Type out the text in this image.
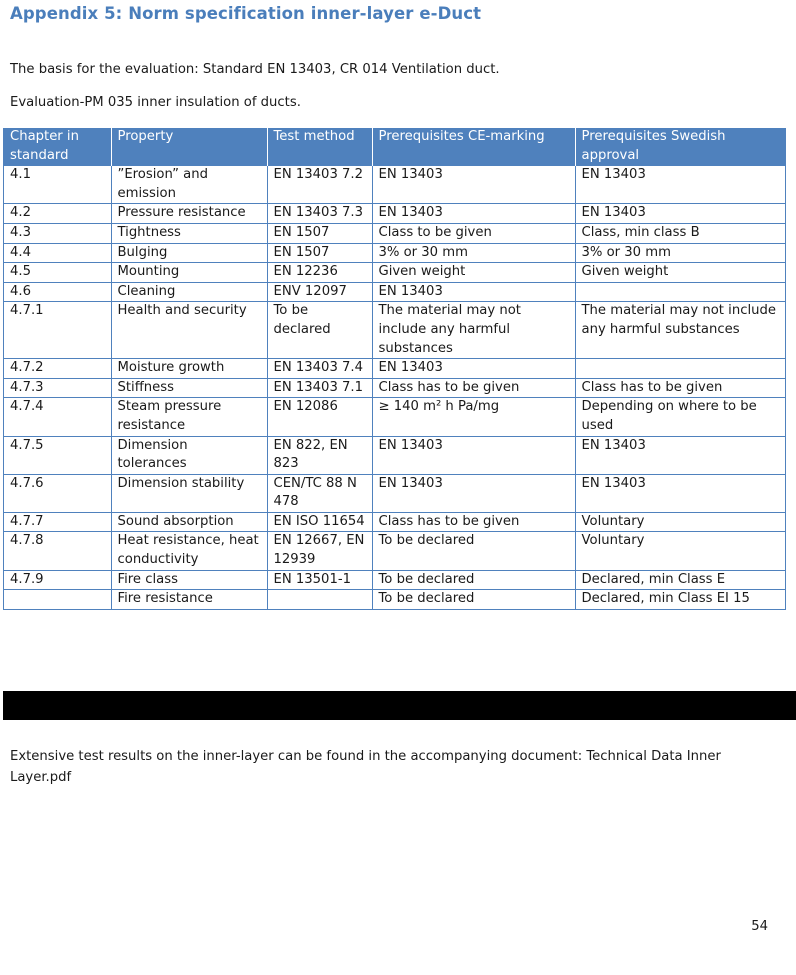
Appendix 5: Norm specification inner-layer e-Duct
The basis for the evaluation: Standard EN 13403, CR 014 Ventilation duct.
Evaluation-PM 035 inner insulation of ducts.
Chapter in standard	Property	Test method	Prerequisites CE-marking	Prerequisites Swedish approval
4.1	”Erosion” and emission	EN 13403 7.2	EN 13403	EN 13403
4.2	Pressure resistance	EN 13403 7.3	EN 13403	EN 13403
4.3	Tightness	EN 1507	Class to be given	Class, min class B
4.4	Bulging	EN 1507	3% or 30 mm	3% or 30 mm
4.5	Mounting	EN 12236	Given weight	Given weight
4.6	Cleaning	ENV 12097	EN 13403	
4.7.1	Health and security	To be declared	The material may not include any harmful substances	The material may not include any harmful substances
4.7.2	Moisture growth	EN 13403 7.4	EN 13403	
4.7.3	Stiffness	EN 13403 7.1	Class has to be given	Class has to be given
4.7.4	Steam pressure resistance	EN 12086	≥ 140 m² h Pa/mg	Depending on where to be used
4.7.5	Dimension tolerances	EN 822, EN 823	EN 13403	EN 13403
4.7.6	Dimension stability	CEN/TC 88 N 478	EN 13403	EN 13403
4.7.7	Sound absorption	EN ISO 11654	Class has to be given	Voluntary
4.7.8	Heat resistance, heat conductivity	EN 12667, EN 12939	To be declared	Voluntary
4.7.9	Fire class	EN 13501-1	To be declared	Declared, min Class E
	Fire resistance		To be declared	Declared, min Class EI 15
Extensive test results on the inner-layer can be found in the accompanying document: Technical Data Inner Layer.pdf
54
